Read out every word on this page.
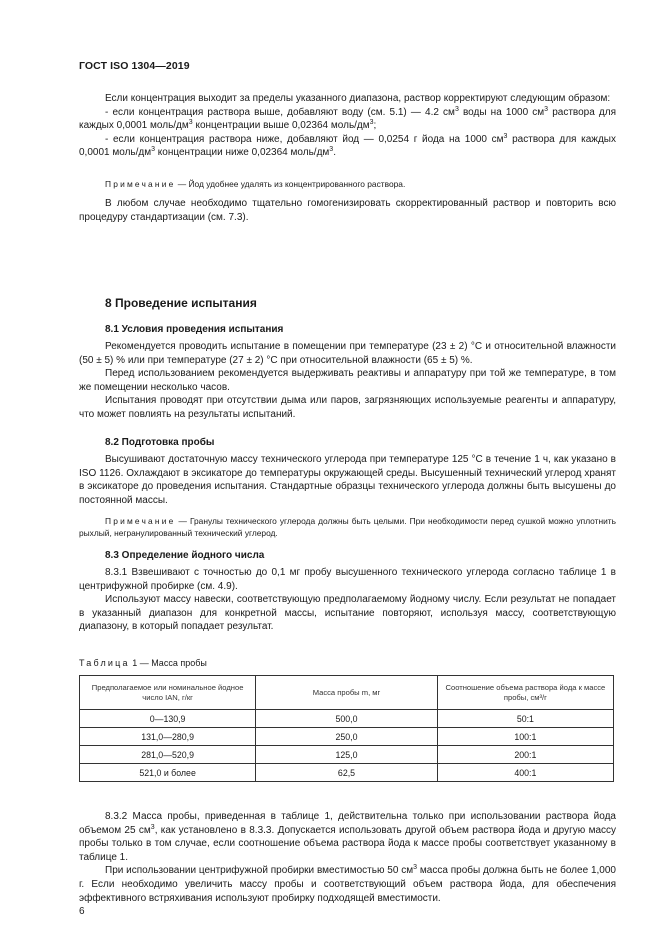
ГОСТ ISO 1304—2019

Если концентрация выходит за пределы указанного диапазона, раствор корректируют следующим образом:

- если концентрация раствора выше, добавляют воду (см. 5.1) — 4.2 $см^3$ воды на 1000 $см^3$ раствора для каждых 0,0001 моль/$дм^3$ концентрации выше 0,02364 моль/$дм^3$;

- если концентрация раствора ниже, добавляют йод — 0,0254 г йода на 1000 $см^3$ раствора для каждых 0,0001 моль/$дм^3$ концентрации ниже 0,02364 моль/$дм^3$.

Примечание — Йод удобнее удалять из концентрированного раствора.

В любом случае необходимо тщательно гомогенизировать скорректированный раствор и повторить всю процедуру стандартизации (см. 7.3).

8 Проведение испытания
8.1 Условия проведения испытания

Рекомендуется проводить испытание в помещении при температуре (23 ± 2) °С и относительной влажности (50 ± 5) % или при температуре (27 ± 2) °С при относительной влажности (65 ± 5) %.

Перед использованием рекомендуется выдерживать реактивы и аппаратуру при той же температуре, в том же помещении несколько часов.

Испытания проводят при отсутствии дыма или паров, загрязняющих используемые реагенты и аппаратуру, что может повлиять на результаты испытаний.

8.2 Подготовка пробы

Высушивают достаточную массу технического углерода при температуре 125 °С в течение 1 ч, как указано в ISO 1126. Охлаждают в эксикаторе до температуры окружающей среды. Высушенный технический углерод хранят в эксикаторе до проведения испытания. Стандартные образцы технического углерода должны быть высушены до постоянной массы.

Примечание — Гранулы технического углерода должны быть целыми. При необходимости перед сушкой можно уплотнить рыхлый, негранулированный технический углерод.

8.3 Определение йодного числа

8.3.1 Взвешивают с точностью до 0,1 мг пробу высушенного технического углерода согласно таблице 1 в центрифужной пробирке (см. 4.9).

Используют массу навески, соответствующую предполагаемому йодному числу. Если результат не попадает в указанный диапазон для конкретной массы, испытание повторяют, используя массу, соответствующую диапазону, в который попадает результат.

Таблица 1 — Масса пробы
Предполагаемое или номинальное йодное число IAN, г/кг	Масса пробы m, мг	Соотношение объема раствора йода к массе пробы, см³/г
0—130,9	500,0	50:1
131,0—280,9	250,0	100:1
281,0—520,9	125,0	200:1
521,0 и более	62,5	400:1

8.3.2 Масса пробы, приведенная в таблице 1, действительна только при использовании раствора йода объемом 25 $см^3$, как установлено в 8.3.3. Допускается использовать другой объем раствора йода и другую массу пробы только в том случае, если соотношение объема раствора йода к массе пробы соответствует указанному в таблице 1.

При использовании центрифужной пробирки вместимостью 50 $см^3$ масса пробы должна быть не более 1,000 г. Если необходимо увеличить массу пробы и соответствующий объем раствора йода, для обеспечения эффективного встряхивания используют пробирку подходящей вместимости.

6
